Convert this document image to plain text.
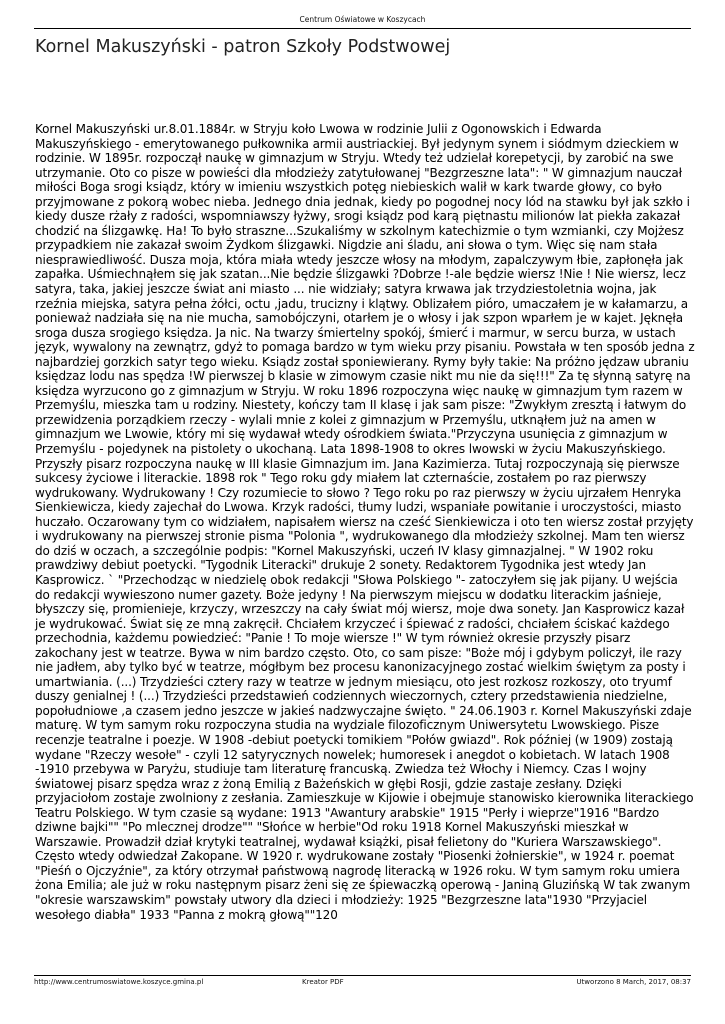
Centrum Oświatowe w Koszycach
Kornel Makuszyński - patron Szkoły Podstwowej

Kornel Makuszyński ur.8.01.1884r. w Stryju koło Lwowa w rodzinie Julii z Ogonowskich i Edwarda Makuszyńskiego - emerytowanego pułkownika armii austriackiej. Był jedynym synem i siódmym dzieckiem w rodzinie. W 1895r. rozpoczął naukę w gimnazjum w Stryju. Wtedy też udzielał korepetycji, by zarobić na swe utrzymanie. Oto co pisze w powieści dla młodzieży zatytułowanej "Bezgrzeszne lata": " W gimnazjum nauczał miłości Boga srogi ksiądz, który w imieniu wszystkich potęg niebieskich walił w kark twarde głowy, co było przyjmowane z pokorą wobec nieba. Jednego dnia jednak, kiedy po pogodnej nocy lód na stawku był jak szkło i kiedy dusze rżały z radości, wspomniawszy łyżwy, srogi ksiądz pod karą piętnastu milionów lat piekła zakazał chodzić na ślizgawkę. Ha! To było straszne...Szukaliśmy w szkolnym katechizmie o tym wzmianki, czy Mojżesz przypadkiem nie zakazał swoim Żydkom ślizgawki. Nigdzie ani śladu, ani słowa o tym. Więc się nam stała niesprawiedliwość. Dusza moja, która miała wtedy jeszcze włosy na młodym, zapalczywym łbie, zapłonęła jak zapałka. Uśmiechnąłem się jak szatan...Nie będzie ślizgawki ?Dobrze !-ale będzie wiersz !Nie ! Nie wiersz, lecz satyra, taka, jakiej jeszcze świat ani miasto ... nie widziały; satyra krwawa jak trzydziestoletnia wojna, jak rzeźnia miejska, satyra pełna żółci, octu ,jadu, trucizny i klątwy. Oblizałem pióro, umaczałem je w kałamarzu, a ponieważ nadziała się na nie mucha, samobójczyni, otarłem je o włosy i jak szpon wparłem je w kajet. Jęknęła sroga dusza srogiego księdza. Ja nic. Na twarzy śmiertelny spokój, śmierć i marmur, w sercu burza, w ustach język, wywalony na zewnątrz, gdyż to pomaga bardzo w tym wieku przy pisaniu. Powstała w ten sposób jedna z najbardziej gorzkich satyr tego wieku. Ksiądz został sponiewierany. Rymy były takie: Na próżno jędzaw ubraniu księdzaz lodu nas spędza !W pierwszej b klasie w zimowym czasie nikt mu nie da się!!!" Za tę słynną satyrę na księdza wyrzucono go z gimnazjum w Stryju. W roku 1896 rozpoczyna więc naukę w gimnazjum tym razem w Przemyślu, mieszka tam u rodziny. Niestety, kończy tam II klasę i jak sam pisze: "Zwykłym zresztą i łatwym do przewidzenia porządkiem rzeczy - wylali mnie z kolei z gimnazjum w Przemyślu, utknąłem już na amen w gimnazjum we Lwowie, który mi się wydawał wtedy ośrodkiem świata."Przyczyna usunięcia z gimnazjum w Przemyślu - pojedynek na pistolety o ukochaną. Lata 1898-1908 to okres lwowski w życiu Makuszyńskiego. Przyszły pisarz rozpoczyna naukę w III klasie Gimnazjum im. Jana Kazimierza. Tutaj rozpoczynają się pierwsze sukcesy życiowe i literackie. 1898 rok " Tego roku gdy miałem lat czternaście, zostałem po raz pierwszy wydrukowany. Wydrukowany ! Czy rozumiecie to słowo ? Tego roku po raz pierwszy w życiu ujrzałem Henryka Sienkiewicza, kiedy zajechał do Lwowa. Krzyk radości, tłumy ludzi, wspaniałe powitanie i uroczystości, miasto huczało. Oczarowany tym co widziałem, napisałem wiersz na cześć Sienkiewicza i oto ten wiersz został przyjęty i wydrukowany na pierwszej stronie pisma "Polonia ", wydrukowanego dla młodzieży szkolnej. Mam ten wiersz do dziś w oczach, a szczególnie podpis: "Kornel Makuszyński, uczeń IV klasy gimnazjalnej. " W 1902 roku prawdziwy debiut poetycki. "Tygodnik Literacki" drukuje 2 sonety. Redaktorem Tygodnika jest wtedy Jan Kasprowicz. ` "Przechodząc w niedzielę obok redakcji "Słowa Polskiego "- zatoczyłem się jak pijany. U wejścia do redakcji wywieszono numer gazety. Boże jedyny ! Na pierwszym miejscu w dodatku literackim jaśnieje, błyszczy się, promienieje, krzyczy, wrzeszczy na cały świat mój wiersz, moje dwa sonety. Jan Kasprowicz kazał je wydrukować. Świat się ze mną zakręcił. Chciałem krzyczeć i śpiewać z radości, chciałem ściskać każdego przechodnia, każdemu powiedzieć: "Panie ! To moje wiersze !" W tym również okresie przyszły pisarz zakochany jest w teatrze. Bywa w nim bardzo często. Oto, co sam pisze: "Boże mój i gdybym policzył, ile razy nie jadłem, aby tylko być w teatrze, mógłbym bez procesu kanonizacyjnego zostać wielkim świętym za posty i umartwiania. (...) Trzydzieści cztery razy w teatrze w jednym miesiącu, oto jest rozkosz rozkoszy, oto tryumf duszy genialnej ! (...) Trzydzieści przedstawień codziennych wieczornych, cztery przedstawienia niedzielne, popołudniowe ,a czasem jedno jeszcze w jakieś nadzwyczajne święto. " 24.06.1903 r. Kornel Makuszyński zdaje maturę. W tym samym roku rozpoczyna studia na wydziale filozoficznym Uniwersytetu Lwowskiego. Pisze recenzje teatralne i poezje. W 1908 -debiut poetycki tomikiem "Połów gwiazd". Rok później (w 1909) zostają wydane "Rzeczy wesołe" - czyli 12 satyrycznych nowelek; humoresek i anegdot o kobietach. W latach 1908 -1910 przebywa w Paryżu, studiuje tam literaturę francuską. Zwiedza też Włochy i Niemcy. Czas I wojny światowej pisarz spędza wraz z żoną Emilią z Bażeńskich w głębi Rosji, gdzie zastaje zesłany. Dzięki przyjaciołom zostaje zwolniony z zesłania. Zamieszkuje w Kijowie i obejmuje stanowisko kierownika literackiego Teatru Polskiego. W tym czasie są wydane: 1913 "Awantury arabskie" 1915 "Perły i wieprze"1916 "Bardzo dziwne bajki"" "Po mlecznej drodze"" "Słońce w herbie"Od roku 1918 Kornel Makuszyński mieszkał w Warszawie. Prowadził dział krytyki teatralnej, wydawał książki, pisał felietony do "Kuriera Warszawskiego". Często wtedy odwiedzał Zakopane. W 1920 r. wydrukowane zostały "Piosenki żołnierskie", w 1924 r. poemat "Pieśń o Ojczyźnie", za który otrzymał państwową nagrodę literacką w 1926 roku. W tym samym roku umiera żona Emilia; ale już w roku następnym pisarz żeni się ze śpiewaczką operową - Janiną Gluzińską W tak zwanym "okresie warszawskim" powstały utwory dla dzieci i młodzieży: 1925 "Bezgrzeszne lata"1930 "Przyjaciel wesołego diabła" 1933 "Panna z mokrą głową""120

http://www.centrumoswiatowe.koszyce.gmina.pl	Kreator PDF	Utworzono 8 March, 2017, 08:37
